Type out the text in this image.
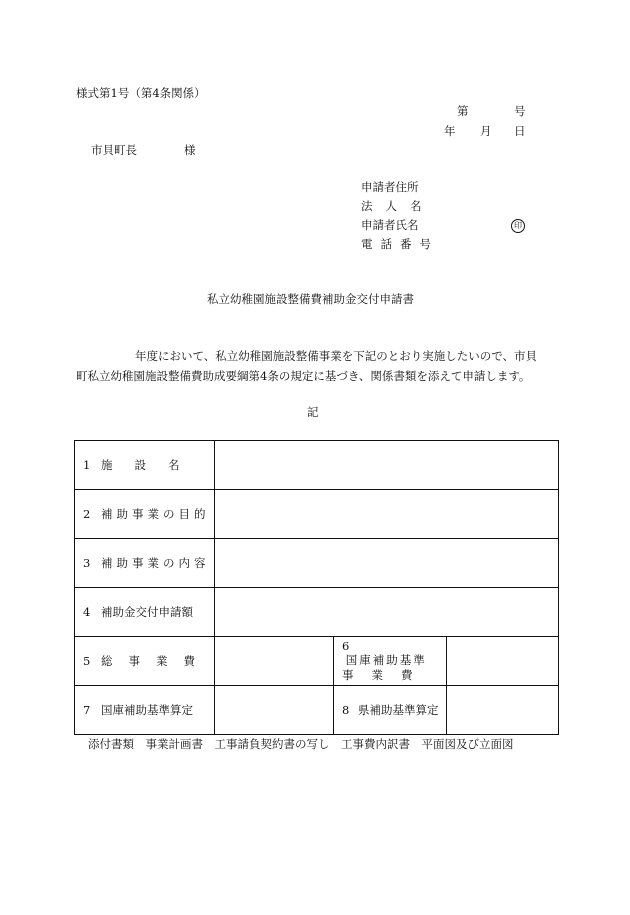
様式第1号（第4条関係）
第	号
年 月 日
市貝町長	様
申請者住所
法人名
申請者氏名	印
電話番号
私立幼稚園施設整備費補助金交付申請書
年度において、私立幼稚園施設整備事業を下記のとおり実施したいので、市貝
町私立幼稚園施設整備費助成要綱第4条の規定に基づき、関係書類を添えて申請します。
記
1 施設名			
2 補助事業の目的			
3 補助事業の内容			
4 補助金交付申請額			
5 総事業費		6国庫補助基準
事業費	
7 国庫補助基準算定		8 県補助基準算定	
添付書類　事業計画書　工事請負契約書の写し　工事費内訳書　平面図及び立面図
